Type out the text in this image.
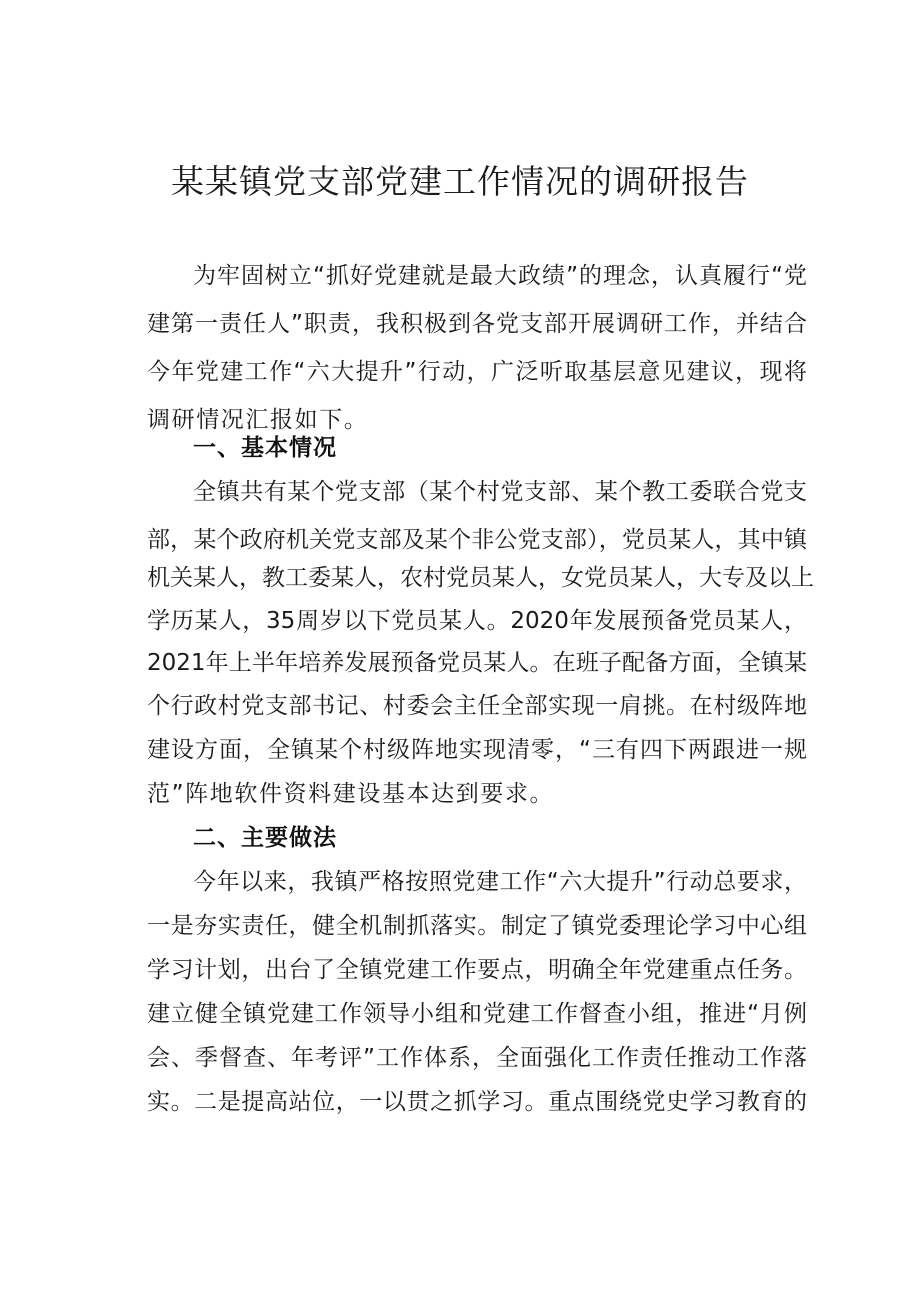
某某镇党支部党建工作情况的调研报告

为牢固树立“抓好党建就是最大政绩”的理念，认真履行“党

建第一责任人”职责，我积极到各党支部开展调研工作，并结合

今年党建工作“六大提升”行动，广泛听取基层意见建议，现将

调研情况汇报如下。

一、基本情况

全镇共有某个党支部（某个村党支部、某个教工委联合党支

部，某个政府机关党支部及某个非公党支部），党员某人，其中镇

机关某人，教工委某人，农村党员某人，女党员某人，大专及以上

学历某人，35周岁以下党员某人。2020年发展预备党员某人，

2021年上半年培养发展预备党员某人。在班子配备方面，全镇某

个行政村党支部书记、村委会主任全部实现一肩挑。在村级阵地

建设方面，全镇某个村级阵地实现清零，“三有四下两跟进一规

范”阵地软件资料建设基本达到要求。

二、主要做法

今年以来，我镇严格按照党建工作“六大提升”行动总要求，

一是夯实责任，健全机制抓落实。制定了镇党委理论学习中心组

学习计划，出台了全镇党建工作要点，明确全年党建重点任务。

建立健全镇党建工作领导小组和党建工作督查小组，推进“月例

会、季督查、年考评”工作体系，全面强化工作责任推动工作落

实。二是提高站位，一以贯之抓学习。重点围绕党史学习教育的
